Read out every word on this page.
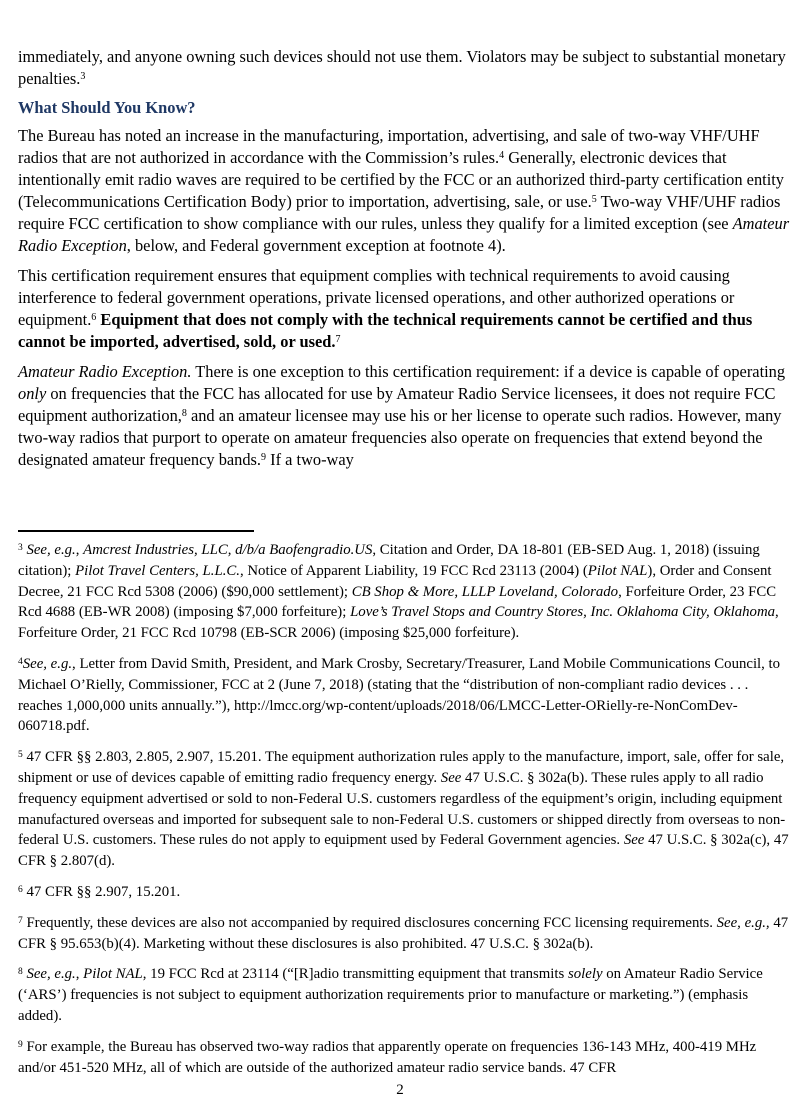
immediately, and anyone owning such devices should not use them. Violators may be subject to substantial monetary penalties.$^3$

What Should You Know?

The Bureau has noted an increase in the manufacturing, importation, advertising, and sale of two-way VHF/UHF radios that are not authorized in accordance with the Commission’s rules.$^4$ Generally, electronic devices that intentionally emit radio waves are required to be certified by the FCC or an authorized third-party certification entity (Telecommunications Certification Body) prior to importation, advertising, sale, or use.$^5$ Two-way VHF/UHF radios require FCC certification to show compliance with our rules, unless they qualify for a limited exception (see Amateur Radio Exception, below, and Federal government exception at footnote 4).

This certification requirement ensures that equipment complies with technical requirements to avoid causing interference to federal government operations, private licensed operations, and other authorized operations or equipment.$^6$ Equipment that does not comply with the technical requirements cannot be certified and thus cannot be imported, advertised, sold, or used.$^7$

Amateur Radio Exception. There is one exception to this certification requirement: if a device is capable of operating only on frequencies that the FCC has allocated for use by Amateur Radio Service licensees, it does not require FCC equipment authorization,$^8$ and an amateur licensee may use his or her license to operate such radios. However, many two-way radios that purport to operate on amateur frequencies also operate on frequencies that extend beyond the designated amateur frequency bands.$^9$ If a two-way

$^3$ See, e.g., Amcrest Industries, LLC, d/b/a Baofengradio.US, Citation and Order, DA 18-801 (EB-SED Aug. 1, 2018) (issuing citation); Pilot Travel Centers, L.L.C., Notice of Apparent Liability, 19 FCC Rcd 23113 (2004) (Pilot NAL), Order and Consent Decree, 21 FCC Rcd 5308 (2006) ($90,000 settlement); CB Shop & More, LLLP Loveland, Colorado, Forfeiture Order, 23 FCC Rcd 4688 (EB-WR 2008) (imposing $7,000 forfeiture); Love’s Travel Stops and Country Stores, Inc. Oklahoma City, Oklahoma, Forfeiture Order, 21 FCC Rcd 10798 (EB-SCR 2006) (imposing $25,000 forfeiture).

$^4$See, e.g., Letter from David Smith, President, and Mark Crosby, Secretary/Treasurer, Land Mobile Communications Council, to Michael O’Rielly, Commissioner, FCC at 2 (June 7, 2018) (stating that the “distribution of non-compliant radio devices . . . reaches 1,000,000 units annually.”), http://lmcc.org/wp-content/uploads/2018/06/LMCC-Letter-ORielly-re-NonComDev-060718.pdf.

$^5$ 47 CFR §§ 2.803, 2.805, 2.907, 15.201. The equipment authorization rules apply to the manufacture, import, sale, offer for sale, shipment or use of devices capable of emitting radio frequency energy. See 47 U.S.C. § 302a(b). These rules apply to all radio frequency equipment advertised or sold to non-Federal U.S. customers regardless of the equipment’s origin, including equipment manufactured overseas and imported for subsequent sale to non-Federal U.S. customers or shipped directly from overseas to non-federal U.S. customers. These rules do not apply to equipment used by Federal Government agencies. See 47 U.S.C. § 302a(c), 47 CFR § 2.807(d).

$^6$ 47 CFR §§ 2.907, 15.201.

$^7$ Frequently, these devices are also not accompanied by required disclosures concerning FCC licensing requirements. See, e.g., 47 CFR § 95.653(b)(4). Marketing without these disclosures is also prohibited. 47 U.S.C. § 302a(b).

$^8$ See, e.g., Pilot NAL, 19 FCC Rcd at 23114 (“[R]adio transmitting equipment that transmits solely on Amateur Radio Service (‘ARS’) frequencies is not subject to equipment authorization requirements prior to manufacture or marketing.”) (emphasis added).

$^9$ For example, the Bureau has observed two-way radios that apparently operate on frequencies 136-143 MHz, 400-419 MHz and/or 451-520 MHz, all of which are outside of the authorized amateur radio service bands. 47 CFR

2
